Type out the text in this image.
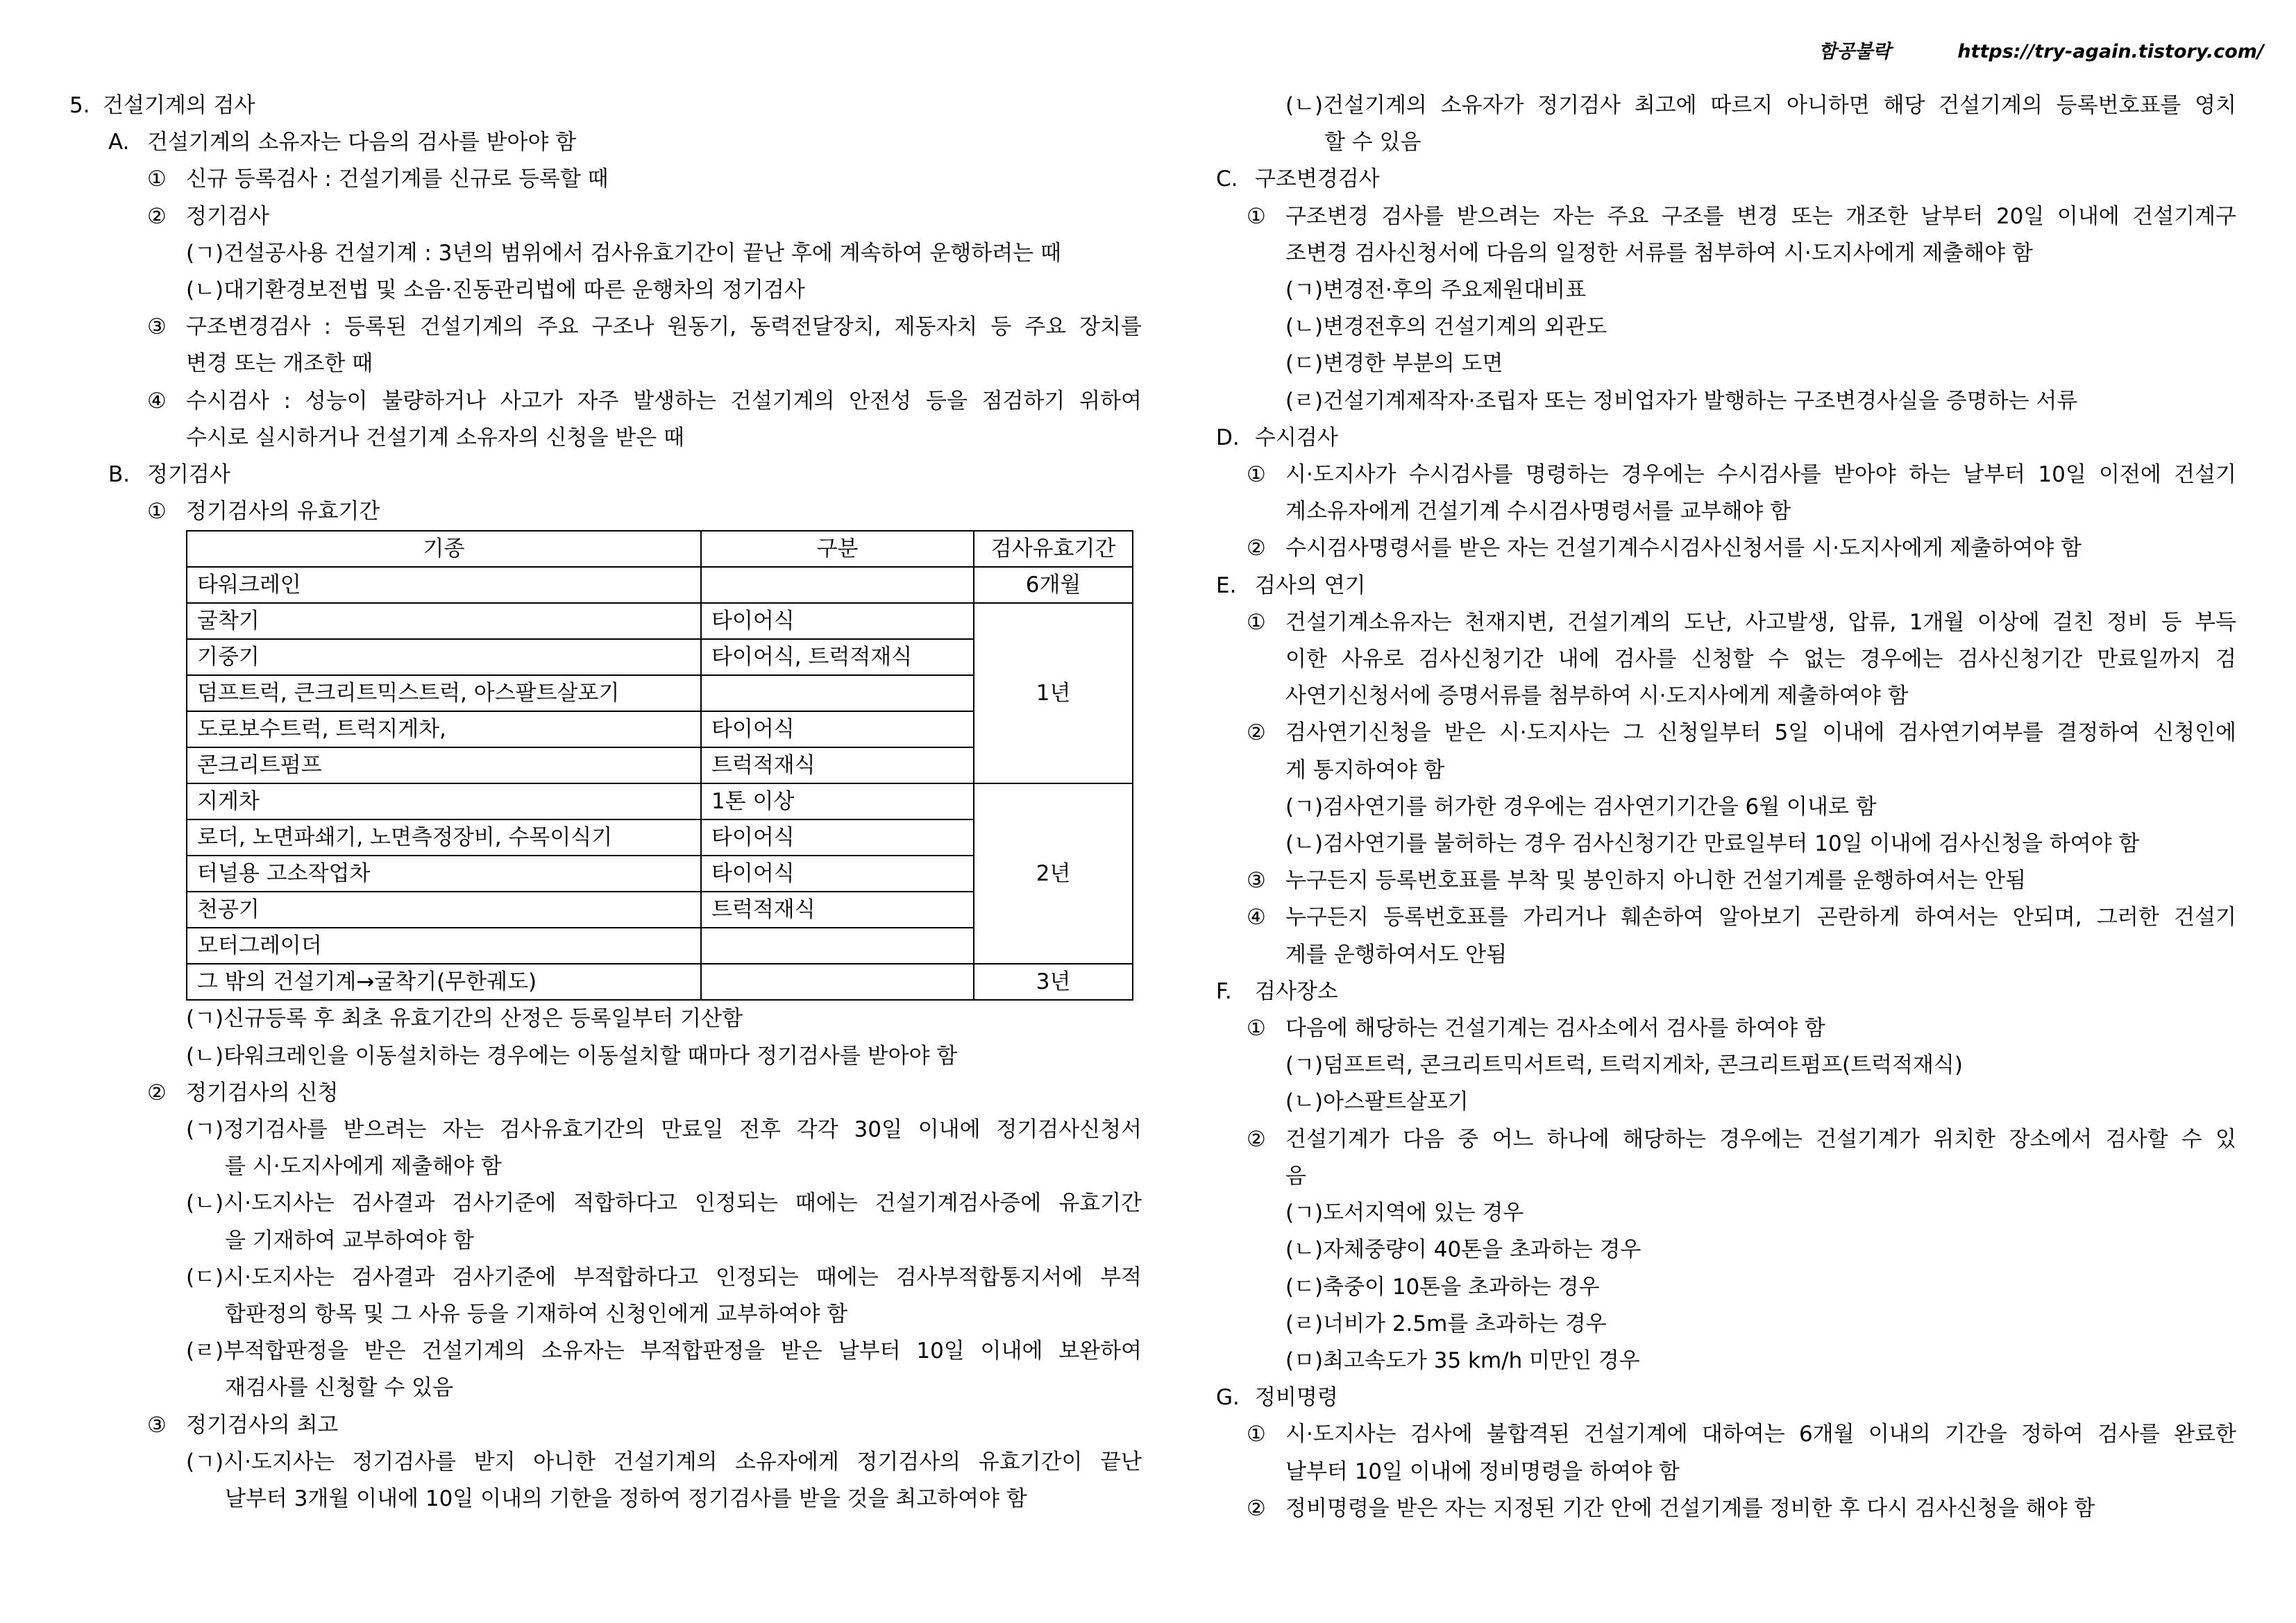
함공불락	https://try-again.tistory.com/
5. 건설기계의 검사
A. 건설기계의 소유자는 다음의 검사를 받아야 함
① 신규 등록검사 : 건설기계를 신규로 등록할 때
② 정기검사
(ㄱ)건설공사용 건설기계 : 3년의 범위에서 검사유효기간이 끝난 후에 계속하여 운행하려는 때
(ㄴ)대기환경보전법 및 소음·진동관리법에 따른 운행차의 정기검사
③ 구조변경검사 : 등록된 건설기계의 주요 구조나 원동기, 동력전달장치, 제동자치 등 주요 장치를
변경 또는 개조한 때
④ 수시검사 : 성능이 불량하거나 사고가 자주 발생하는 건설기계의 안전성 등을 점검하기 위하여
수시로 실시하거나 건설기계 소유자의 신청을 받은 때
B. 정기검사
① 정기검사의 유효기간
기종	구분	검사유효기간
타워크레인		6개월
굴착기	타이어식	1년
기중기	타이어식, 트럭적재식	
덤프트럭, 큰크리트믹스트럭, 아스팔트살포기		
도로보수트럭, 트럭지게차,	타이어식	
콘크리트펌프	트럭적재식	
지게차	1톤 이상	2년
로더, 노면파쇄기, 노면측정장비, 수목이식기	타이어식	
터널용 고소작업차	타이어식	
천공기	트럭적재식	
모터그레이더		
그 밖의 건설기계→굴착기(무한궤도)		3년
(ㄱ)신규등록 후 최초 유효기간의 산정은 등록일부터 기산함
(ㄴ)타워크레인을 이동설치하는 경우에는 이동설치할 때마다 정기검사를 받아야 함
② 정기검사의 신청
(ㄱ)정기검사를 받으려는 자는 검사유효기간의 만료일 전후 각각 30일 이내에 정기검사신청서
를 시·도지사에게 제출해야 함
(ㄴ)시·도지사는 검사결과 검사기준에 적합하다고 인정되는 때에는 건설기계검사증에 유효기간
을 기재하여 교부하여야 함
(ㄷ)시·도지사는 검사결과 검사기준에 부적합하다고 인정되는 때에는 검사부적합통지서에 부적
합판정의 항목 및 그 사유 등을 기재하여 신청인에게 교부하여야 함
(ㄹ)부적합판정을 받은 건설기계의 소유자는 부적합판정을 받은 날부터 10일 이내에 보완하여
재검사를 신청할 수 있음
③ 정기검사의 최고
(ㄱ)시·도지사는 정기검사를 받지 아니한 건설기계의 소유자에게 정기검사의 유효기간이 끝난
날부터 3개월 이내에 10일 이내의 기한을 정하여 정기검사를 받을 것을 최고하여야 함
(ㄴ)건설기계의 소유자가 정기검사 최고에 따르지 아니하면 해당 건설기계의 등록번호표를 영치
할 수 있음
C. 구조변경검사
① 구조변경 검사를 받으려는 자는 주요 구조를 변경 또는 개조한 날부터 20일 이내에 건설기계구
조변경 검사신청서에 다음의 일정한 서류를 첨부하여 시·도지사에게 제출해야 함
(ㄱ)변경전·후의 주요제원대비표
(ㄴ)변경전후의 건설기계의 외관도
(ㄷ)변경한 부분의 도면
(ㄹ)건설기계제작자·조립자 또는 정비업자가 발행하는 구조변경사실을 증명하는 서류
D. 수시검사
① 시·도지사가 수시검사를 명령하는 경우에는 수시검사를 받아야 하는 날부터 10일 이전에 건설기
계소유자에게 건설기계 수시검사명령서를 교부해야 함
② 수시검사명령서를 받은 자는 건설기계수시검사신청서를 시·도지사에게 제출하여야 함
E. 검사의 연기
① 건설기계소유자는 천재지변, 건설기계의 도난, 사고발생, 압류, 1개월 이상에 걸친 정비 등 부득
이한 사유로 검사신청기간 내에 검사를 신청할 수 없는 경우에는 검사신청기간 만료일까지 검
사연기신청서에 증명서류를 첨부하여 시·도지사에게 제출하여야 함
② 검사연기신청을 받은 시·도지사는 그 신청일부터 5일 이내에 검사연기여부를 결정하여 신청인에
게 통지하여야 함
(ㄱ)검사연기를 허가한 경우에는 검사연기기간을 6월 이내로 함
(ㄴ)검사연기를 불허하는 경우 검사신청기간 만료일부터 10일 이내에 검사신청을 하여야 함
③ 누구든지 등록번호표를 부착 및 봉인하지 아니한 건설기계를 운행하여서는 안됨
④ 누구든지 등록번호표를 가리거나 훼손하여 알아보기 곤란하게 하여서는 안되며, 그러한 건설기
계를 운행하여서도 안됨
F.	검사장소
① 다음에 해당하는 건설기계는 검사소에서 검사를 하여야 함
(ㄱ)덤프트럭, 콘크리트믹서트럭, 트럭지게차, 콘크리트펌프(트럭적재식)
(ㄴ)아스팔트살포기
② 건설기계가 다음 중 어느 하나에 해당하는 경우에는 건설기계가 위치한 장소에서 검사할 수 있
음
(ㄱ)도서지역에 있는 경우
(ㄴ)자체중량이 40톤을 초과하는 경우
(ㄷ)축중이 10톤을 초과하는 경우
(ㄹ)너비가 2.5m를 초과하는 경우
(ㅁ)최고속도가 35 km/h 미만인 경우
G. 정비명령
① 시·도지사는 검사에 불합격된 건설기계에 대하여는 6개월 이내의 기간을 정하여 검사를 완료한
날부터 10일 이내에 정비명령을 하여야 함
② 정비명령을 받은 자는 지정된 기간 안에 건설기계를 정비한 후 다시 검사신청을 해야 함
